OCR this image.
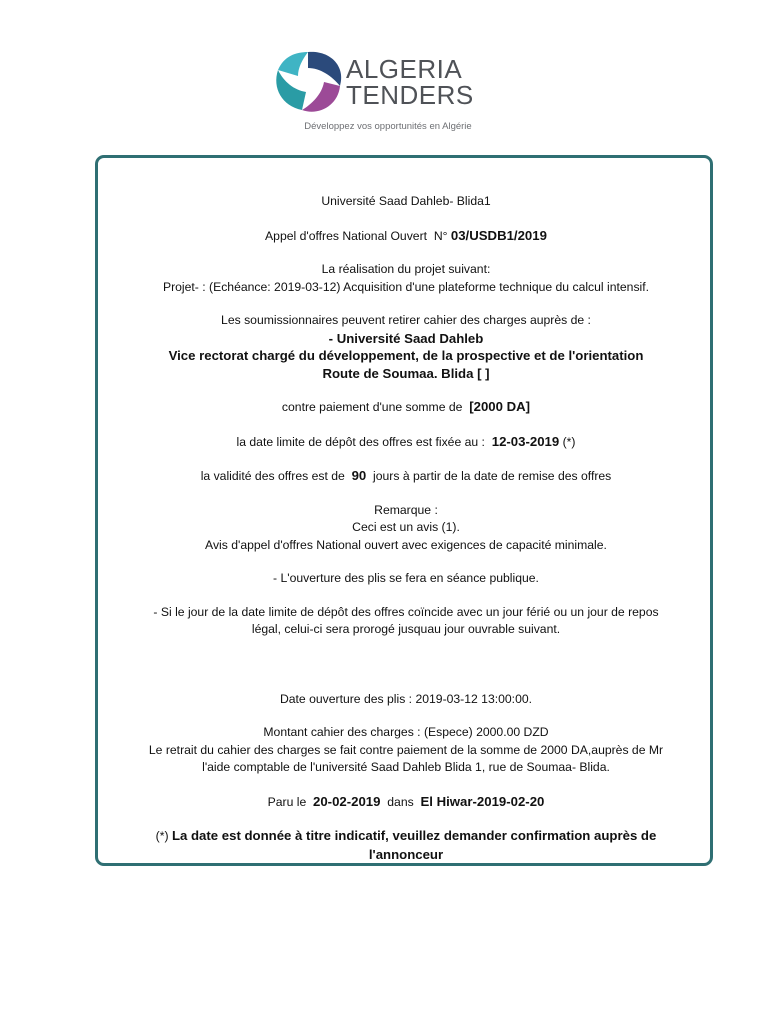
ALGERIA
TENDERS
Développez vos opportunités en Algérie

Université Saad Dahleb- Blida1

Appel d'offres National Ouvert N° 03/USDB1/2019

La réalisation du projet suivant:

Projet- : (Echéance: 2019-03-12) Acquisition d'une plateforme technique du calcul intensif.

Les soumissionnaires peuvent retirer cahier des charges auprès de :

- Université Saad Dahleb

Vice rectorat chargé du développement, de la prospective et de l'orientation

Route de Soumaa. Blida [ ]

contre paiement d'une somme de [2000 DA]

la date limite de dépôt des offres est fixée au : 12-03-2019 (*)

la validité des offres est de 90 jours à partir de la date de remise des offres

Remarque :

Ceci est un avis (1).

Avis d'appel d'offres National ouvert avec exigences de capacité minimale.

- L'ouverture des plis se fera en séance publique.

- Si le jour de la date limite de dépôt des offres coïncide avec un jour férié ou un jour de repos

légal, celui-ci sera prorogé jusquau jour ouvrable suivant.

Date ouverture des plis : 2019-03-12 13:00:00.

Montant cahier des charges : (Espece) 2000.00 DZD

Le retrait du cahier des charges se fait contre paiement de la somme de 2000 DA,auprès de Mr

l'aide comptable de l'université Saad Dahleb Blida 1, rue de Soumaa- Blida.

Paru le 20-02-2019 dans El Hiwar-2019-02-20

(*) La date est donnée à titre indicatif, veuillez demander confirmation auprès de

l'annonceur
